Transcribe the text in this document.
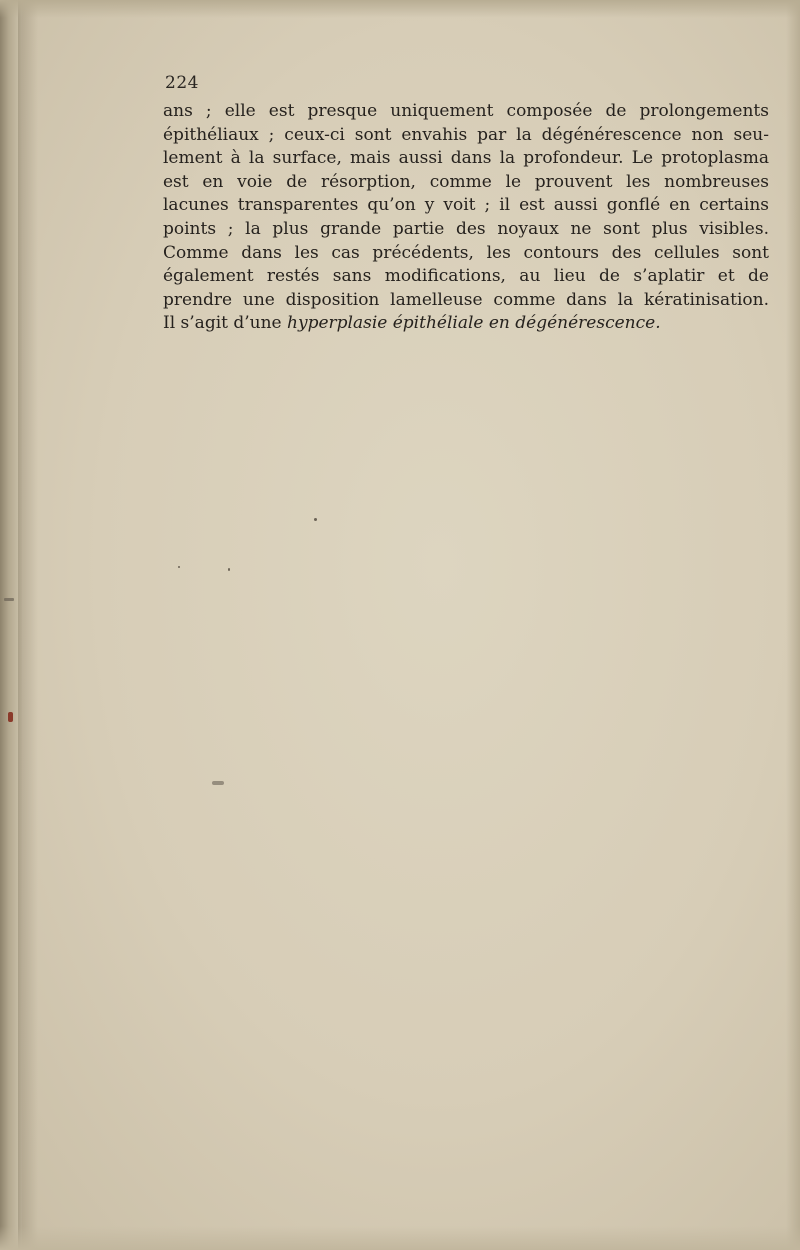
224
ans ; elle est presque uniquement composée de prolongements
épithéliaux ; ceux-ci sont envahis par la dégénérescence non seu-
lement à la surface, mais aussi dans la profondeur. Le protoplasma
est en voie de résorption, comme le prouvent les nombreuses
lacunes transparentes qu’on y voit ; il est aussi gonflé en certains
points ; la plus grande partie des noyaux ne sont plus visibles.
Comme dans les cas précédents, les contours des cellules sont
également restés sans modifications, au lieu de s’aplatir et de
prendre une disposition lamelleuse comme dans la kératinisation.
Il s’agit d’une hyperplasie épithéliale en dégénérescence.
